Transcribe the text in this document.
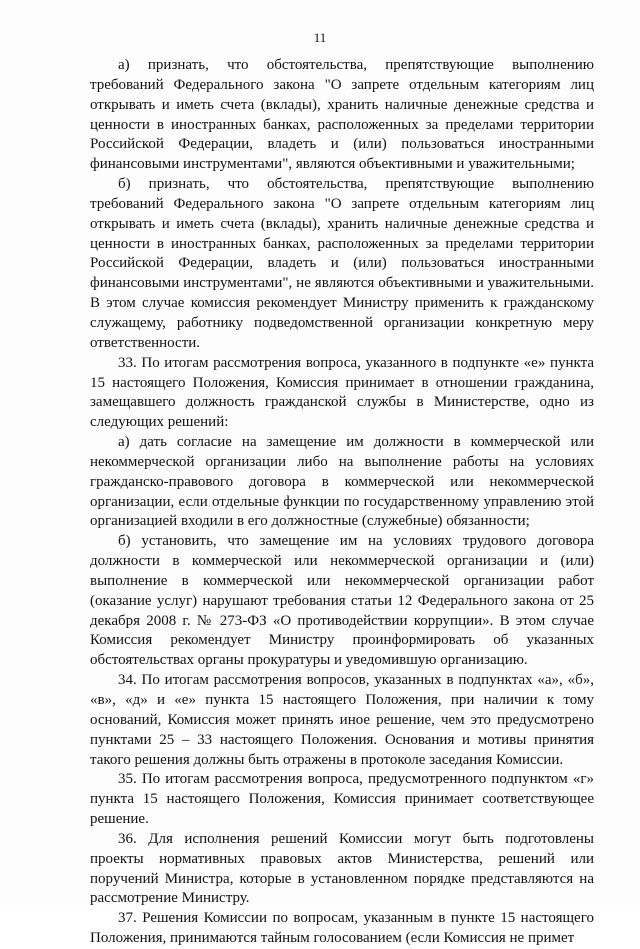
11

а) признать, что обстоятельства, препятствующие выполнению требований Федерального закона "О запрете отдельным категориям лиц открывать и иметь счета (вклады), хранить наличные денежные средства и ценности в иностранных банках, расположенных за пределами территории Российской Федерации, владеть и (или) пользоваться иностранными финансовыми инструментами", являются объективными и уважительными;

б) признать, что обстоятельства, препятствующие выполнению требований Федерального закона "О запрете отдельным категориям лиц открывать и иметь счета (вклады), хранить наличные денежные средства и ценности в иностранных банках, расположенных за пределами территории Российской Федерации, владеть и (или) пользоваться иностранными финансовыми инструментами", не являются объективными и уважительными. В этом случае комиссия рекомендует Министру применить к гражданскому служащему, работнику подведомственной организации конкретную меру ответственности.

33. По итогам рассмотрения вопроса, указанного в подпункте «е» пункта 15 настоящего Положения, Комиссия принимает в отношении гражданина, замещавшего должность гражданской службы в Министерстве, одно из следующих решений:

а) дать согласие на замещение им должности в коммерческой или некоммерческой организации либо на выполнение работы на условиях гражданско-правового договора в коммерческой или некоммерческой организации, если отдельные функции по государственному управлению этой организацией входили в его должностные (служебные) обязанности;

б) установить, что замещение им на условиях трудового договора должности в коммерческой или некоммерческой организации и (или) выполнение в коммерческой или некоммерческой организации работ (оказание услуг) нарушают требования статьи 12 Федерального закона от 25 декабря 2008 г. № 273-ФЗ «О противодействии коррупции». В этом случае Комиссия рекомендует Министру проинформировать об указанных обстоятельствах органы прокуратуры и уведомившую организацию.

34. По итогам рассмотрения вопросов, указанных в подпунктах «а», «б», «в», «д» и «е» пункта 15 настоящего Положения, при наличии к тому оснований, Комиссия может принять иное решение, чем это предусмотрено пунктами 25 – 33 настоящего Положения. Основания и мотивы принятия такого решения должны быть отражены в протоколе заседания Комиссии.

35. По итогам рассмотрения вопроса, предусмотренного подпунктом «г» пункта 15 настоящего Положения, Комиссия принимает соответствующее решение.

36. Для исполнения решений Комиссии могут быть подготовлены проекты нормативных правовых актов Министерства, решений или поручений Министра, которые в установленном порядке представляются на рассмотрение Министру.

37. Решения Комиссии по вопросам, указанным в пункте 15 настоящего Положения, принимаются тайным голосованием (если Комиссия не примет
